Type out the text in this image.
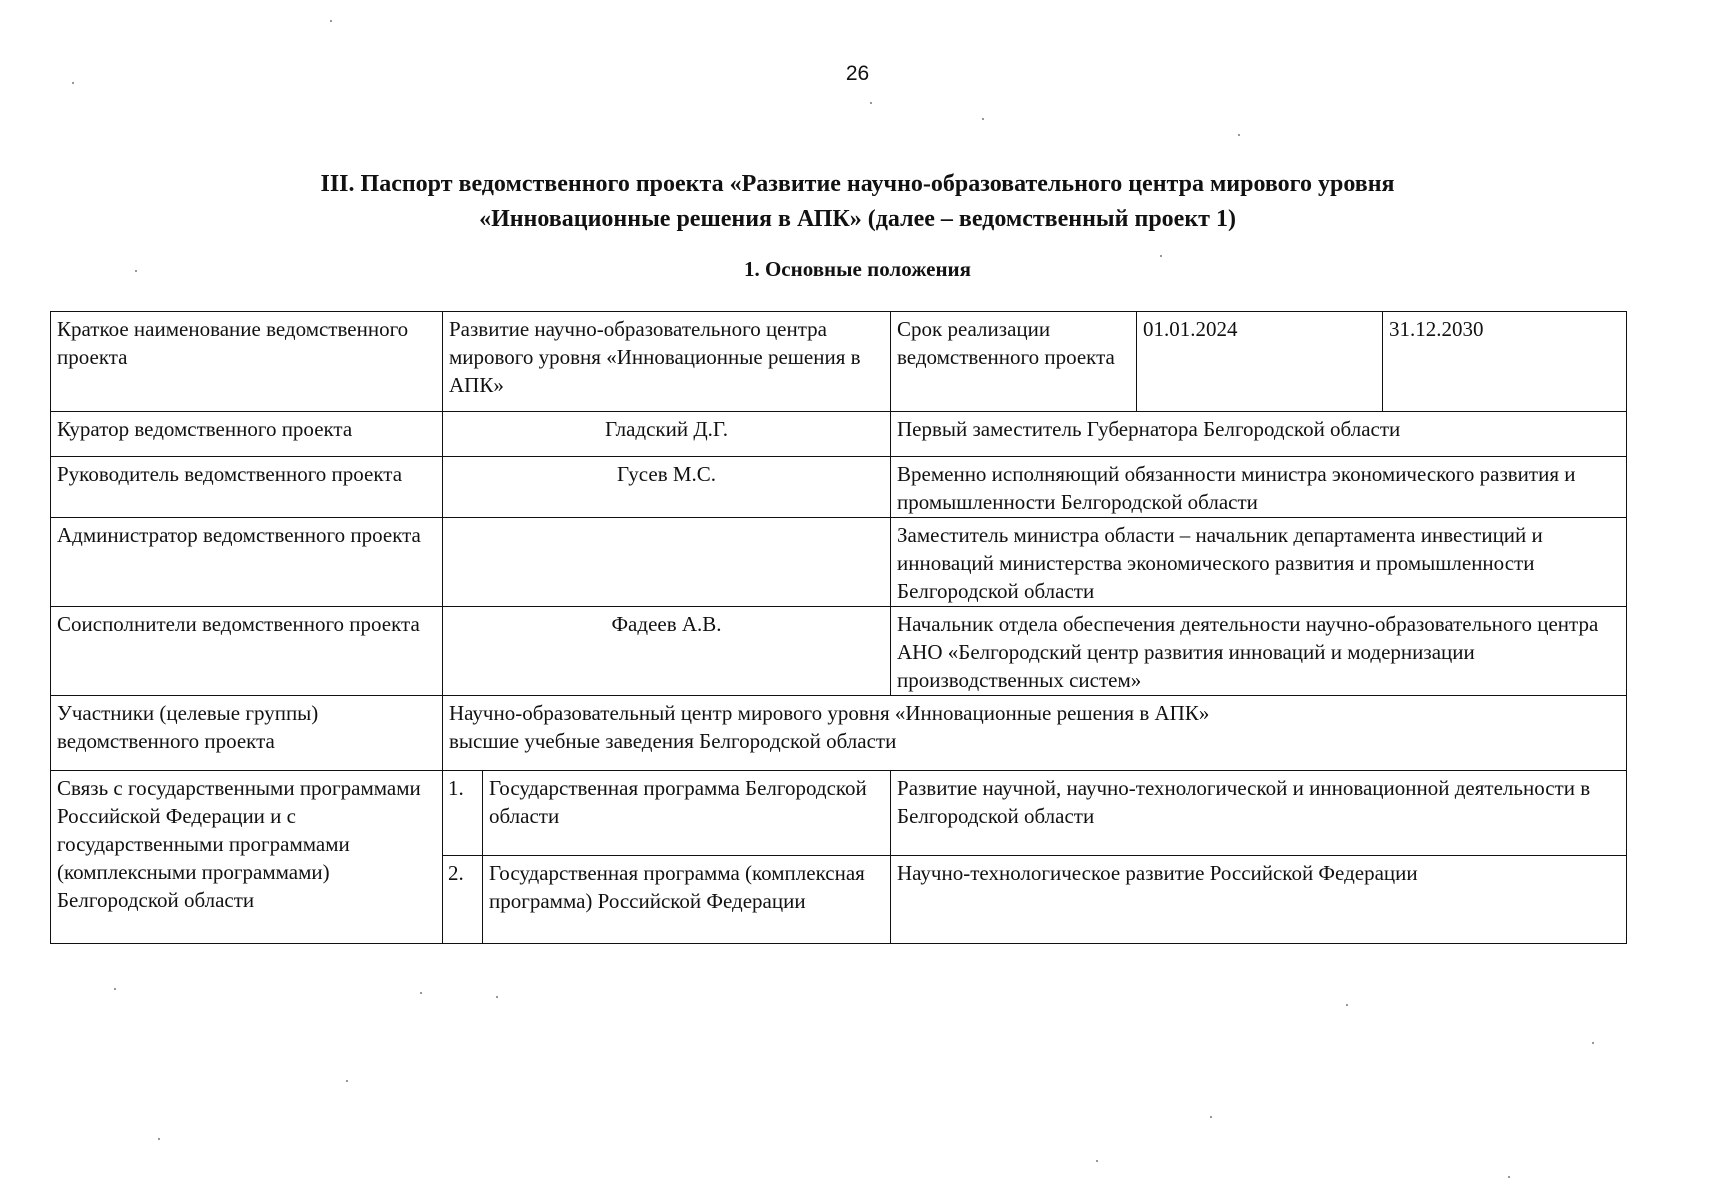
26
III. Паспорт ведомственного проекта «Развитие научно-образовательного центра мирового уровня
«Инновационные решения в АПК» (далее – ведомственный проект 1)
1. Основные положения
Краткое наименование ведомственного проекта	Развитие научно-образовательного центра мирового уровня «Инновационные решения в АПК»		Срок реализации ведомственного проекта	01.01.2024	31.12.2030
Куратор ведомственного проекта	Гладский Д.Г.		Первый заместитель Губернатора Белгородской области		
Руководитель ведомственного проекта	Гусев М.С.		Временно исполняющий обязанности министра экономического развития и промышленности Белгородской области		
Администратор ведомственного проекта			Заместитель министра области – начальник департамента инвестиций и инноваций министерства экономического развития и промышленности Белгородской области		
Соисполнители ведомственного проекта	Фадеев А.В.		Начальник отдела обеспечения деятельности научно-образовательного центра АНО «Белгородский центр развития инноваций и модернизации производственных систем»		
Участники (целевые группы) ведомственного проекта	Научно-образовательный центр мирового уровня «Инновационные решения в АПК»
высшие учебные заведения Белгородской области				

Связь с государственными программами Российской Федерации и с государственными программами (комплексными программами) Белгородской области	1.	Государственная программа Белгородской области	Развитие научной, научно-технологической и инновационной деятельности в Белгородской области		
	2.	Государственная программа (комплексная программа) Российской Федерации	Научно-технологическое развитие Российской Федерации		
